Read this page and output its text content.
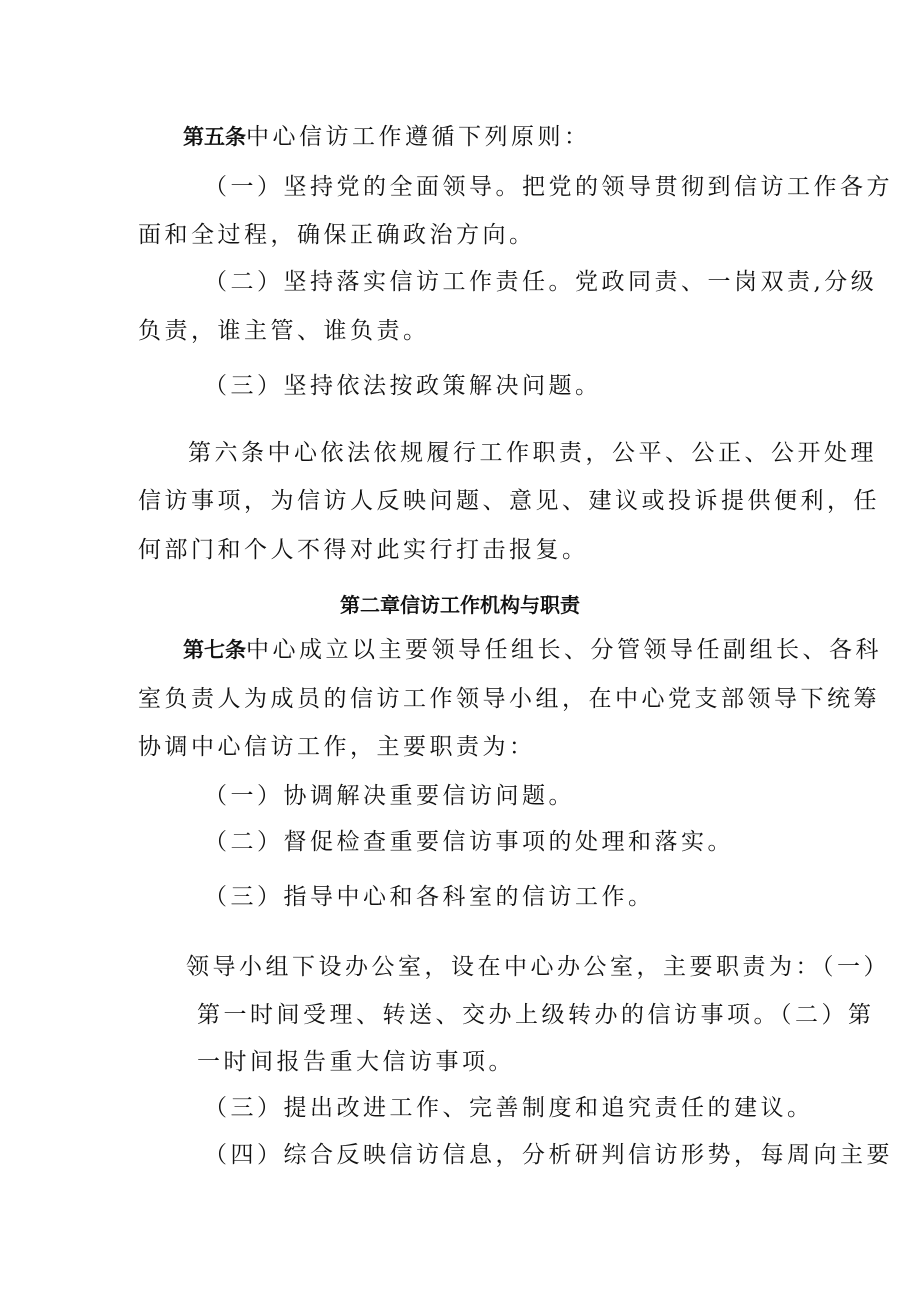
第五条中心信访工作遵循下列原则：
（一）坚持党的全面领导。把党的领导贯彻到信访工作各方
面和全过程，确保正确政治方向。
（二）坚持落实信访工作责任。党政同责、一岗双责,分级
负责，谁主管、谁负责。
（三）坚持依法按政策解决问题。
第六条中心依法依规履行工作职责，公平、公正、公开处理
信访事项，为信访人反映问题、意见、建议或投诉提供便利，任
何部门和个人不得对此实行打击报复。
第二章信访工作机构与职责
第七条中心成立以主要领导任组长、分管领导任副组长、各科
室负责人为成员的信访工作领导小组，在中心党支部领导下统筹
协调中心信访工作，主要职责为：
（一）协调解决重要信访问题。
（二）督促检查重要信访事项的处理和落实。
（三）指导中心和各科室的信访工作。
领导小组下设办公室，设在中心办公室，主要职责为：（一）
第一时间受理、转送、交办上级转办的信访事项。（二）第
一时间报告重大信访事项。
（三）提出改进工作、完善制度和追究责任的建议。
（四）综合反映信访信息，分析研判信访形势，每周向主要
